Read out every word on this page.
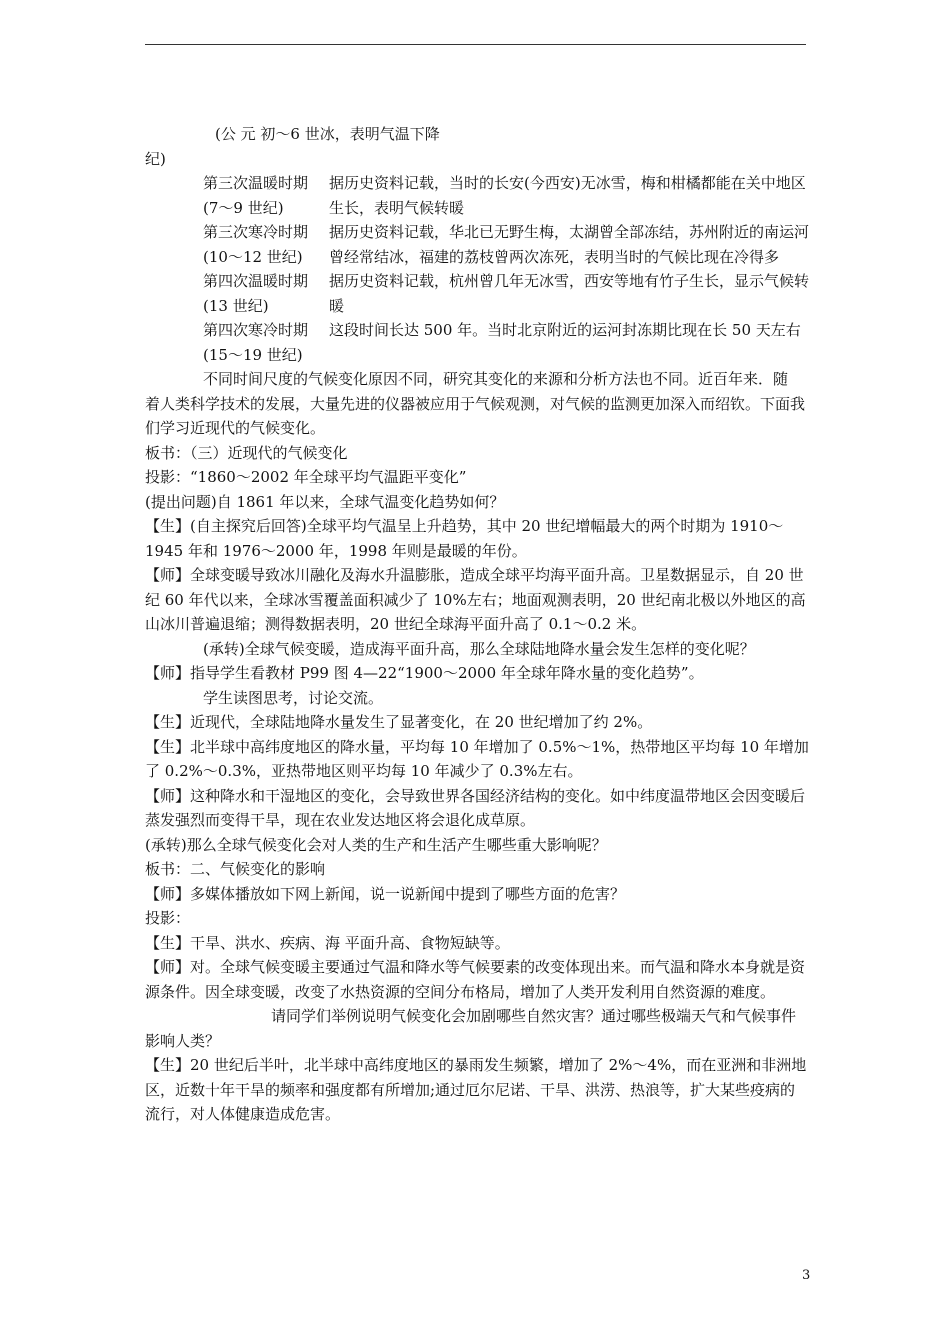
(公 元 初～6 世冰，表明气温下降

纪)

第三次温暖时期
(7～9 世纪)
据历史资料记载，当时的长安(今西安)无冰雪，梅和柑橘都能在关中地区生长，表明气候转暖
第三次寒冷时期
(10～12 世纪)
据历史资料记载，华北已无野生梅，太湖曾全部冻结，苏州附近的南运河曾经常结冰，福建的荔枝曾两次冻死，表明当时的气候比现在冷得多
第四次温暖时期
(13 世纪)
据历史资料记载，杭州曾几年无冰雪，西安等地有竹子生长，显示气候转暖
第四次寒冷时期
(15～19 世纪)
这段时间长达 500 年。当时北京附近的运河封冻期比现在长 50 天左右

不同时间尺度的气候变化原因不同，研究其变化的来源和分析方法也不同。近百年来．随

着人类科学技术的发展，大量先进的仪器被应用于气候观测，对气候的监测更加深入而绍钦。下面我们学习近现代的气候变化。

板书：（三）近现代的气候变化

投影：“1860～2002 年全球平均气温距平变化”

(提出问题)自 1861 年以来，全球气温变化趋势如何？

【生】(自主探究后回答)全球平均气温呈上升趋势，其中 20 世纪增幅最大的两个时期为 1910～1945 年和 1976～2000 年，1998 年则是最暖的年份。

【师】全球变暖导致冰川融化及海水升温膨胀，造成全球平均海平面升高。卫星数据显示，自 20 世纪 60 年代以来，全球冰雪覆盖面积减少了 10%左右；地面观测表明，20 世纪南北极以外地区的高山冰川普遍退缩；测得数据表明，20 世纪全球海平面升高了 0.1～0.2 米。

(承转)全球气候变暖，造成海平面升高，那么全球陆地降水量会发生怎样的变化呢？

【师】指导学生看教材 P99 图 4—22“1900～2000 年全球年降水量的变化趋势”。

学生读图思考，讨论交流。

【生】近现代，全球陆地降水量发生了显著变化，在 20 世纪增加了约 2%。

【生】北半球中高纬度地区的降水量，平均每 10 年增加了 0.5%～1%，热带地区平均每 10 年增加了 0.2%～0.3%，亚热带地区则平均每 10 年减少了 0.3%左右。

【师】这种降水和干湿地区的变化，会导致世界各国经济结构的变化。如中纬度温带地区会因变暖后蒸发强烈而变得干旱，现在农业发达地区将会退化成草原。

(承转)那么全球气候变化会对人类的生产和生活产生哪些重大影响呢？

板书：二、气候变化的影响

【师】多媒体播放如下网上新闻，说一说新闻中提到了哪些方面的危害？

投影：

【生】干旱、洪水、疾病、海 平面升高、食物短缺等。

【师】对。全球气候变暖主要通过气温和降水等气候要素的改变体现出来。而气温和降水本身就是资源条件。因全球变暖，改变了水热资源的空间分布格局，增加了人类开发利用自然资源的难度。

请同学们举例说明气候变化会加剧哪些自然灾害？通过哪些极端天气和气候事件影响人类？

【生】20 世纪后半叶，北半球中高纬度地区的暴雨发生频繁，增加了 2%～4%，而在亚洲和非洲地区，近数十年干旱的频率和强度都有所增加;通过厄尔尼诺、干旱、洪涝、热浪等，扩大某些疫病的流行，对人体健康造成危害。

3
